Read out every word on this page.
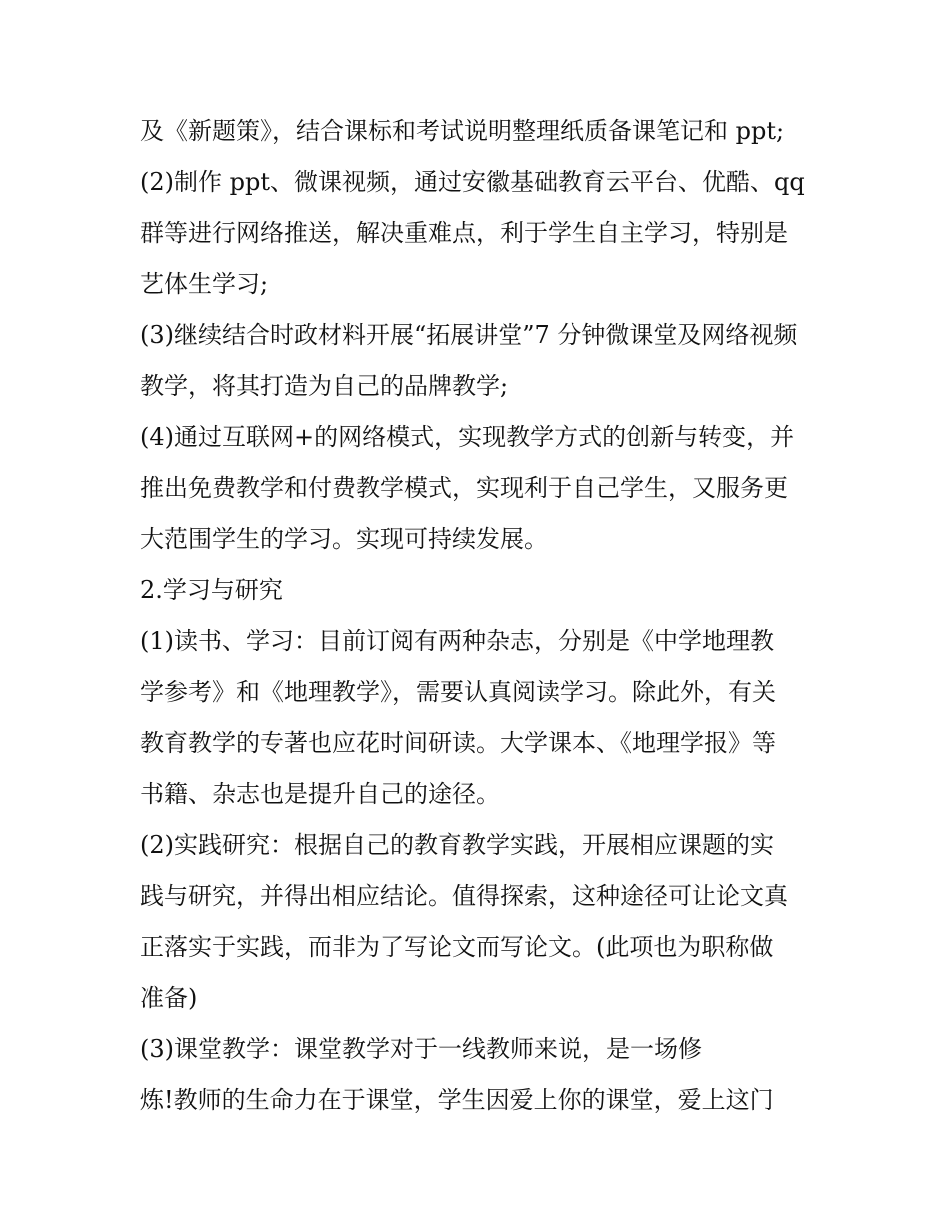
及《新题策》，结合课标和考试说明整理纸质备课笔记和 ppt;
(2)制作 ppt、微课视频，通过安徽基础教育云平台、优酷、qq
群等进行网络推送，解决重难点，利于学生自主学习，特别是
艺体生学习;
(3)继续结合时政材料开展“拓展讲堂”7 分钟微课堂及网络视频
教学，将其打造为自己的品牌教学;
(4)通过互联网+的网络模式，实现教学方式的创新与转变，并
推出免费教学和付费教学模式，实现利于自己学生，又服务更
大范围学生的学习。实现可持续发展。
2.学习与研究
(1)读书、学习：目前订阅有两种杂志，分别是《中学地理教
学参考》和《地理教学》，需要认真阅读学习。除此外，有关
教育教学的专著也应花时间研读。大学课本、《地理学报》等
书籍、杂志也是提升自己的途径。
(2)实践研究：根据自己的教育教学实践，开展相应课题的实
践与研究，并得出相应结论。值得探索，这种途径可让论文真
正落实于实践，而非为了写论文而写论文。(此项也为职称做
准备)
(3)课堂教学：课堂教学对于一线教师来说，是一场修
炼!教师的生命力在于课堂，学生因爱上你的课堂，爱上这门
